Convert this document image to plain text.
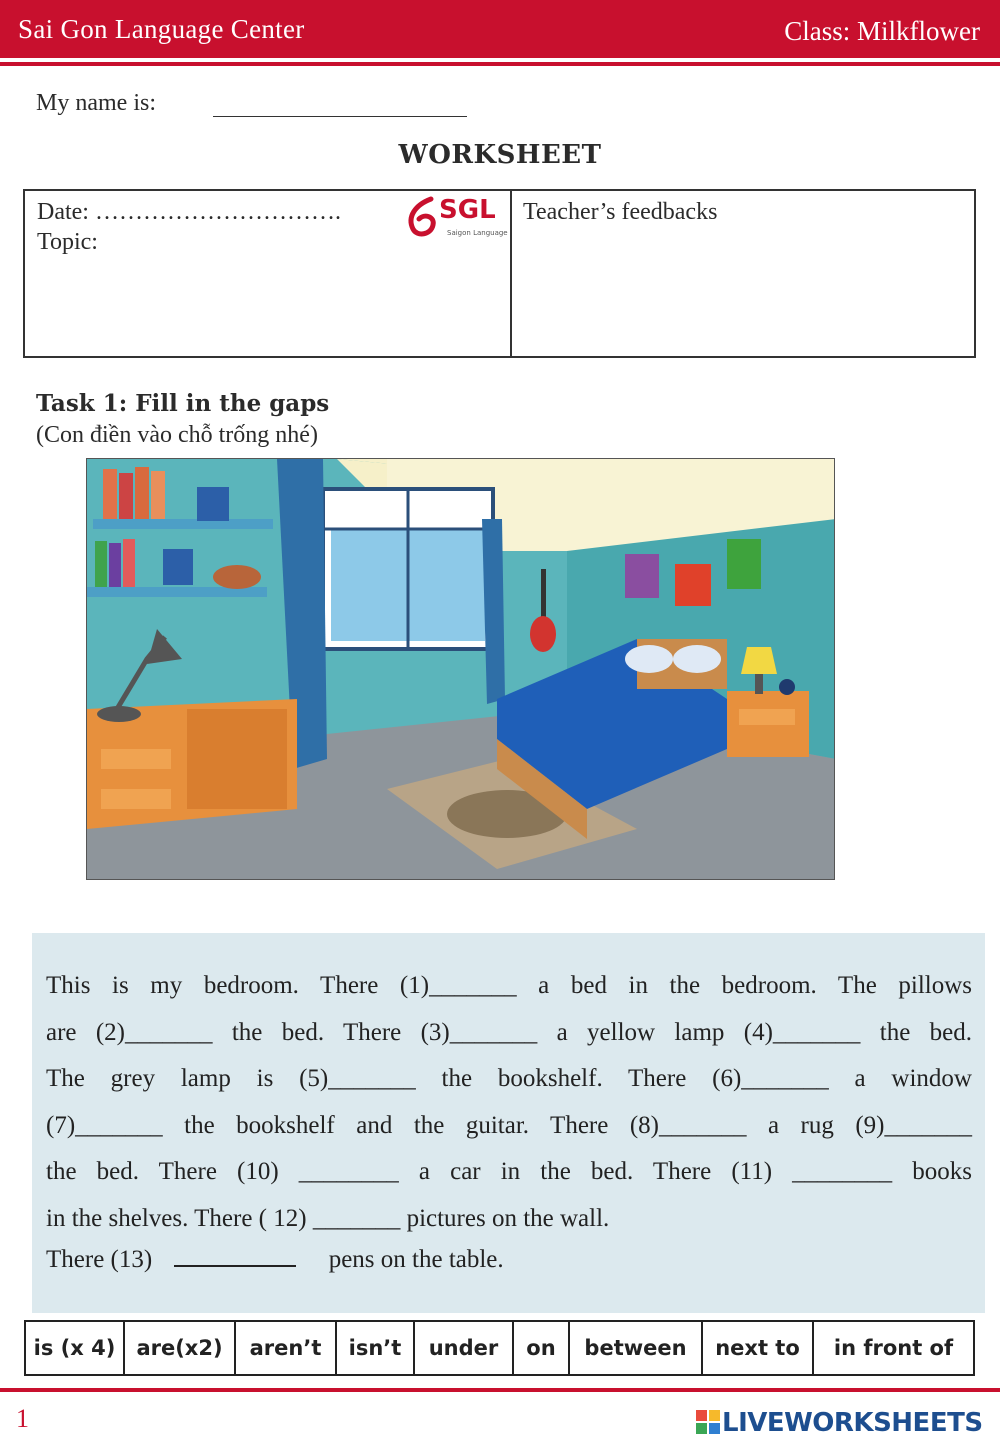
Sai Gon Language Center	Class: Milkflower
My name is:
WORKSHEET
Date: ………………………….
Topic:
SGL
Saigon Language
Teacher’s feedbacks
Task 1: Fill in the gaps
(Con điền vào chỗ trống nhé)
This is my bedroom. There (1)_______ a bed in the bedroom. The pillows
are (2)_______ the bed. There (3)_______ a yellow lamp (4)_______ the bed.
The grey lamp is (5)_______ the bookshelf. There (6)_______ a window
(7)_______ the bookshelf and the guitar. There (8)_______ a rug (9)_______
the bed. There (10) ________ a car in the bed. There (11) ________ books
in the shelves. There ( 12) _______ pictures on the wall.
There (13)	pens on the table.
is (x 4)	are(x2)	aren’t	isn’t	under	on	between	next to	in front of
1	LIVEWORKSHEETS
